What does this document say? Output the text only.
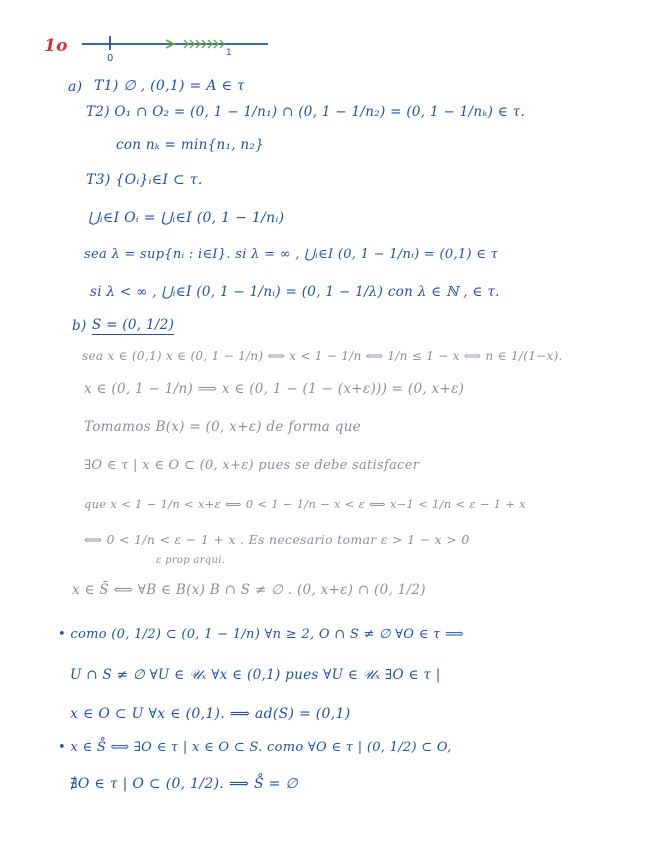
1o
0	1
a) T1) ∅ , (0,1) = A ∈ τ
T2) O₁ ∩ O₂ = (0, 1 − 1/n₁) ∩ (0, 1 − 1/n₂) = (0, 1 − 1/nₖ) ∈ τ.
con nₖ = min{n₁, n₂}
T3) {Oᵢ}ᵢ∈I ⊂ τ.
⋃ᵢ∈I Oᵢ = ⋃ᵢ∈I (0, 1 − 1/nᵢ)
sea λ = sup{nᵢ : i∈I}. si λ = ∞ , ⋃ᵢ∈I (0, 1 − 1/nᵢ) = (0,1) ∈ τ
si λ < ∞ , ⋃ᵢ∈I (0, 1 − 1/nᵢ) = (0, 1 − 1/λ) con λ ∈ ℕ , ∈ τ.
b) S = (0, 1/2)
sea x ∈ (0,1) x ∈ (0, 1 − 1/n) ⟺ x < 1 − 1/n ⟺ 1/n ≤ 1 − x ⟺ n ∈ 1/(1−x).
x ∈ (0, 1 − 1/n) ⟹ x ∈ (0, 1 − (1 − (x+ε))) = (0, x+ε)
Tomamos B(x) = (0, x+ε) de forma que
∃O ∈ τ | x ∈ O ⊂ (0, x+ε) pues se debe satisfacer
que x < 1 − 1/n < x+ε ⟺ 0 < 1 − 1/n − x < ε ⟺ x−1 < 1/n < ε − 1 + x
⟺ 0 < 1/n < ε − 1 + x . Es necesario tomar ε > 1 − x > 0
ε prop arqui.
x ∈ S̄ ⟺ ∀B ∈ B(x) B ∩ S ≠ ∅ . (0, x+ε) ∩ (0, 1/2)
• como (0, 1/2) ⊂ (0, 1 − 1/n) ∀n ≥ 2, O ∩ S ≠ ∅ ∀O ∈ τ ⟹
U ∩ S ≠ ∅ ∀U ∈ 𝒰ₓ ∀x ∈ (0,1) pues ∀U ∈ 𝒰ₓ ∃O ∈ τ |
x ∈ O ⊂ U ∀x ∈ (0,1). ⟹ ad(S) = (0,1)
• x ∈ S̊ ⟺ ∃O ∈ τ | x ∈ O ⊂ S. como ∀O ∈ τ | (0, 1/2) ⊂ O,
∄O ∈ τ | O ⊂ (0, 1/2). ⟹ S̊ = ∅
